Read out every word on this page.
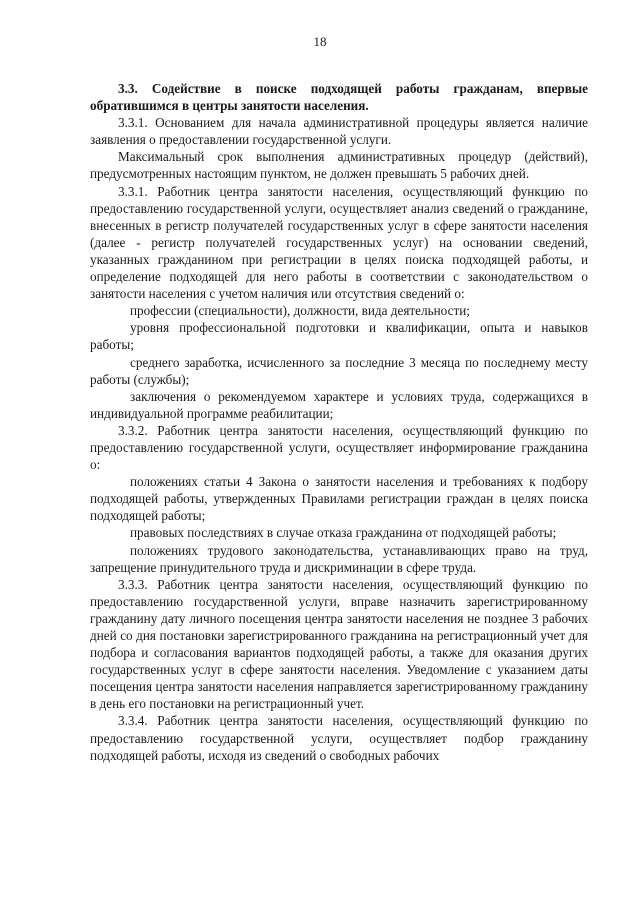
18

3.3. Содействие в поиске подходящей работы гражданам, впервые обратившимся в центры занятости населения.

3.3.1. Основанием для начала административной процедуры является наличие заявления о предоставлении государственной услуги.

Максимальный срок выполнения административных процедур (действий), предусмотренных настоящим пунктом, не должен превышать 5 рабочих дней.

3.3.1. Работник центра занятости населения, осуществляющий функцию по предоставлению государственной услуги, осуществляет анализ сведений о гражданине, внесенных в регистр получателей государственных услуг в сфере занятости населения (далее - регистр получателей государственных услуг) на основании сведений, указанных гражданином при регистрации в целях поиска подходящей работы, и определение подходящей для него работы в соответствии с законодательством о занятости населения с учетом наличия или отсутствия сведений о:

профессии (специальности), должности, вида деятельности;

уровня профессиональной подготовки и квалификации, опыта и навыков работы;

среднего заработка, исчисленного за последние 3 месяца по последнему месту работы (службы);

заключения о рекомендуемом характере и условиях труда, содержащихся в индивидуальной программе реабилитации;

3.3.2. Работник центра занятости населения, осуществляющий функцию по предоставлению государственной услуги, осуществляет информирование гражданина о:

положениях статьи 4 Закона о занятости населения и требованиях к подбору подходящей работы, утвержденных Правилами регистрации граждан в целях поиска подходящей работы;

правовых последствиях в случае отказа гражданина от подходящей работы;

положениях трудового законодательства, устанавливающих право на труд, запрещение принудительного труда и дискриминации в сфере труда.

3.3.3. Работник центра занятости населения, осуществляющий функцию по предоставлению государственной услуги, вправе назначить зарегистрированному гражданину дату личного посещения центра занятости населения не позднее 3 рабочих дней со дня постановки зарегистрированного гражданина на регистрационный учет для подбора и согласования вариантов подходящей работы, а также для оказания других государственных услуг в сфере занятости населения. Уведомление с указанием даты посещения центра занятости населения направляется зарегистрированному гражданину в день его постановки на регистрационный учет.

3.3.4. Работник центра занятости населения, осуществляющий функцию по предоставлению государственной услуги, осуществляет подбор гражданину подходящей работы, исходя из сведений о свободных рабочих
